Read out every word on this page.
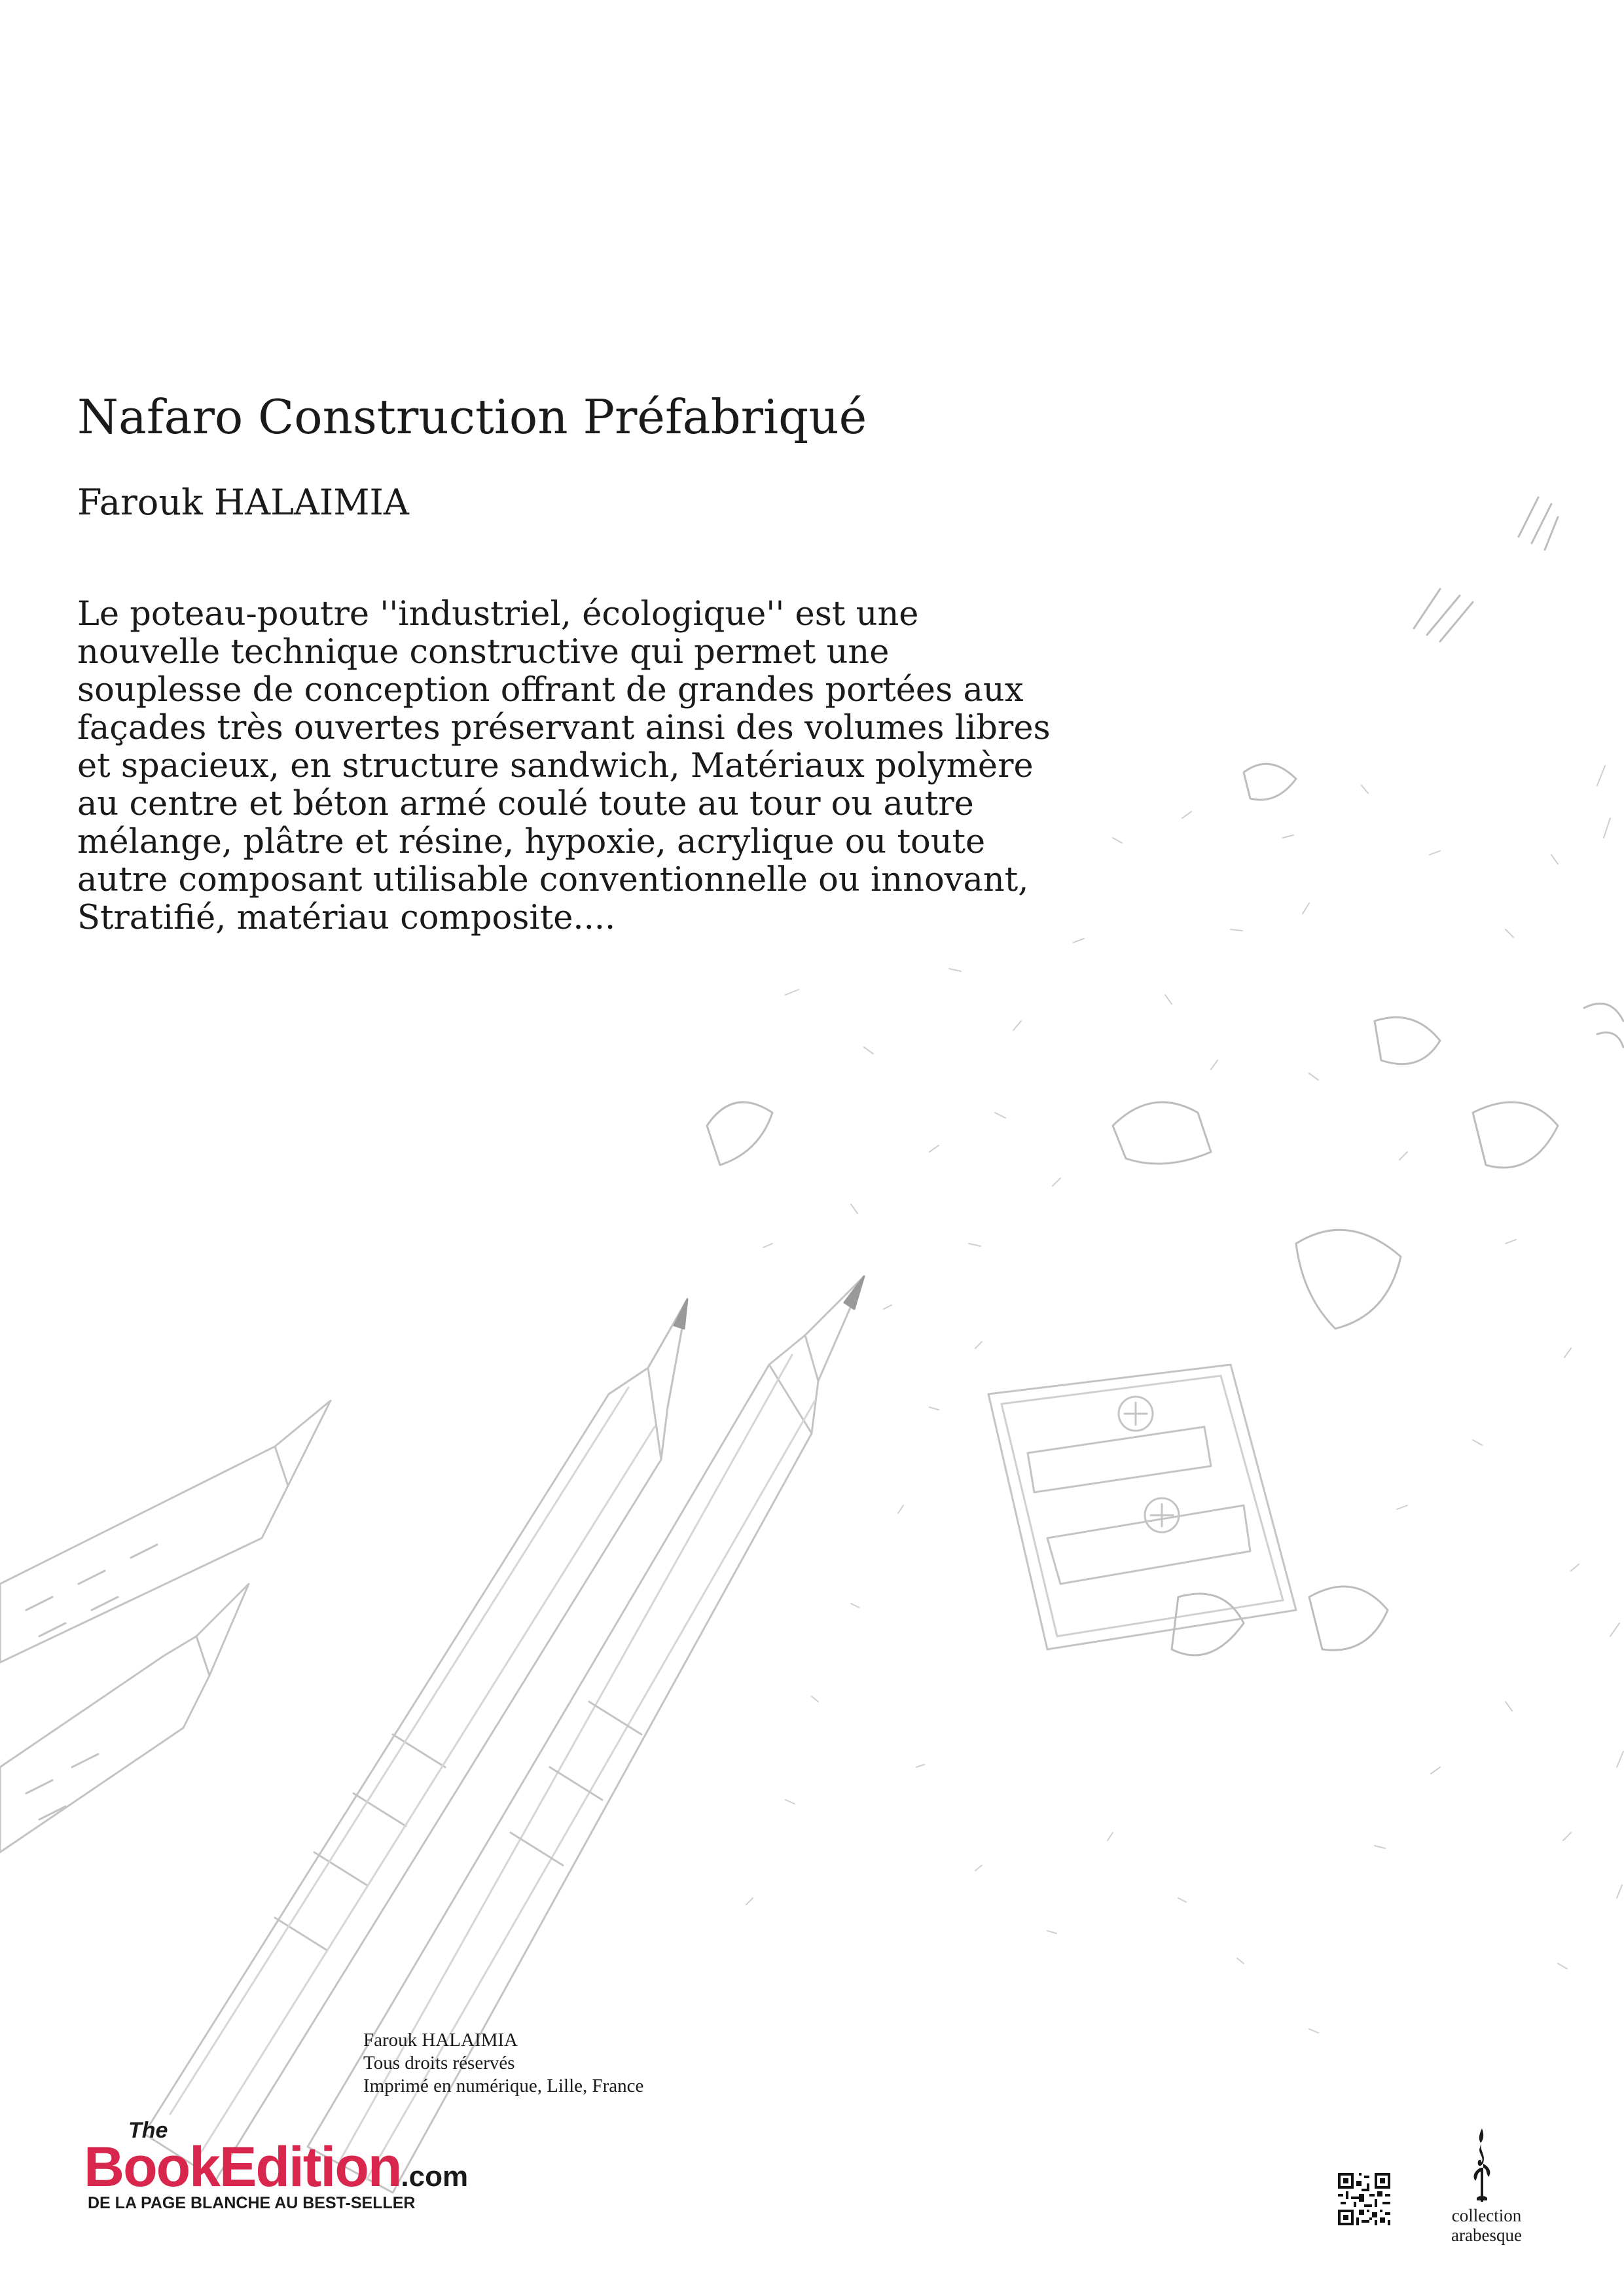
Nafaro Construction Préfabriqué

Farouk HALAIMIA

Le poteau-poutre ''industriel, écologique'' est une
nouvelle technique constructive qui permet une
souplesse de conception offrant de grandes portées aux
façades très ouvertes préservant ainsi des volumes libres
et spacieux, en structure sandwich, Matériaux polymère
au centre et béton armé coulé toute au tour ou autre
mélange, plâtre et résine, hypoxie, acrylique ou toute
autre composant utilisable conventionnelle ou innovant,
Stratifié, matériau composite....

Farouk HALAIMIA
Tous droits réservés
Imprimé en numérique, Lille, France
The
BookEdition.com
DE LA PAGE BLANCHE AU BEST-SELLER
collection
arabesque
